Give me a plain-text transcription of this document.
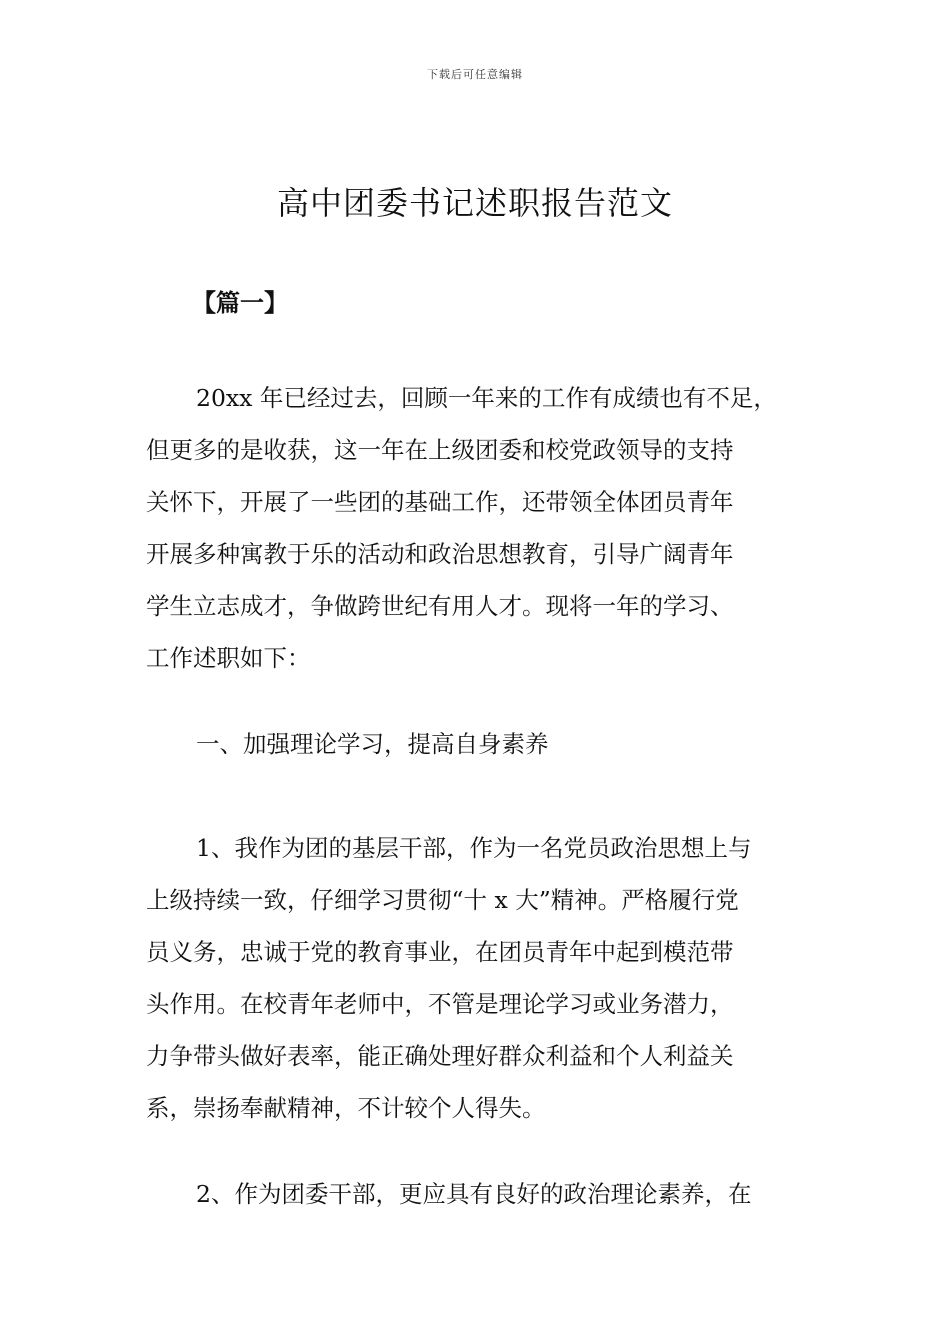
下载后可任意编辑
高中团委书记述职报告范文
【篇一】

20xx 年已经过去，回顾一年来的工作有成绩也有不足，
但更多的是收获，这一年在上级团委和校党政领导的支持
关怀下，开展了一些团的基础工作，还带领全体团员青年
开展多种寓教于乐的活动和政治思想教育，引导广阔青年
学生立志成才，争做跨世纪有用人才。现将一年的学习、
工作述职如下：

一、加强理论学习，提高自身素养

1、我作为团的基层干部，作为一名党员政治思想上与
上级持续一致，仔细学习贯彻“十 x 大”精神。严格履行党
员义务，忠诚于党的教育事业，在团员青年中起到模范带
头作用。在校青年老师中，不管是理论学习或业务潜力，
力争带头做好表率，能正确处理好群众利益和个人利益关
系，崇扬奉献精神，不计较个人得失。

2、作为团委干部，更应具有良好的政治理论素养，在
